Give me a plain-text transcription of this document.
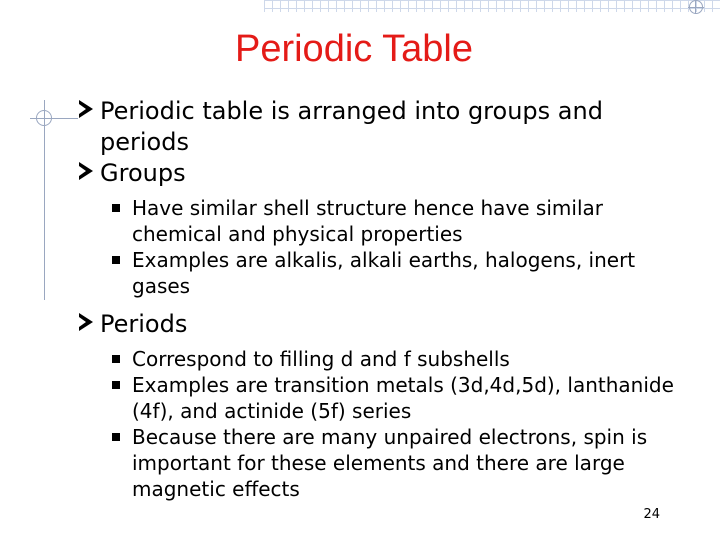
Periodic Table
Periodic table is arranged into groups and periods
Groups
Have similar shell structure hence have similar chemical and physical properties
Examples are alkalis, alkali earths, halogens, inert gases
Periods
Correspond to filling d and f subshells
Examples are transition metals (3d,4d,5d), lanthanide (4f), and actinide (5f) series
Because there are many unpaired electrons, spin is important for these elements and there are large magnetic effects
24
